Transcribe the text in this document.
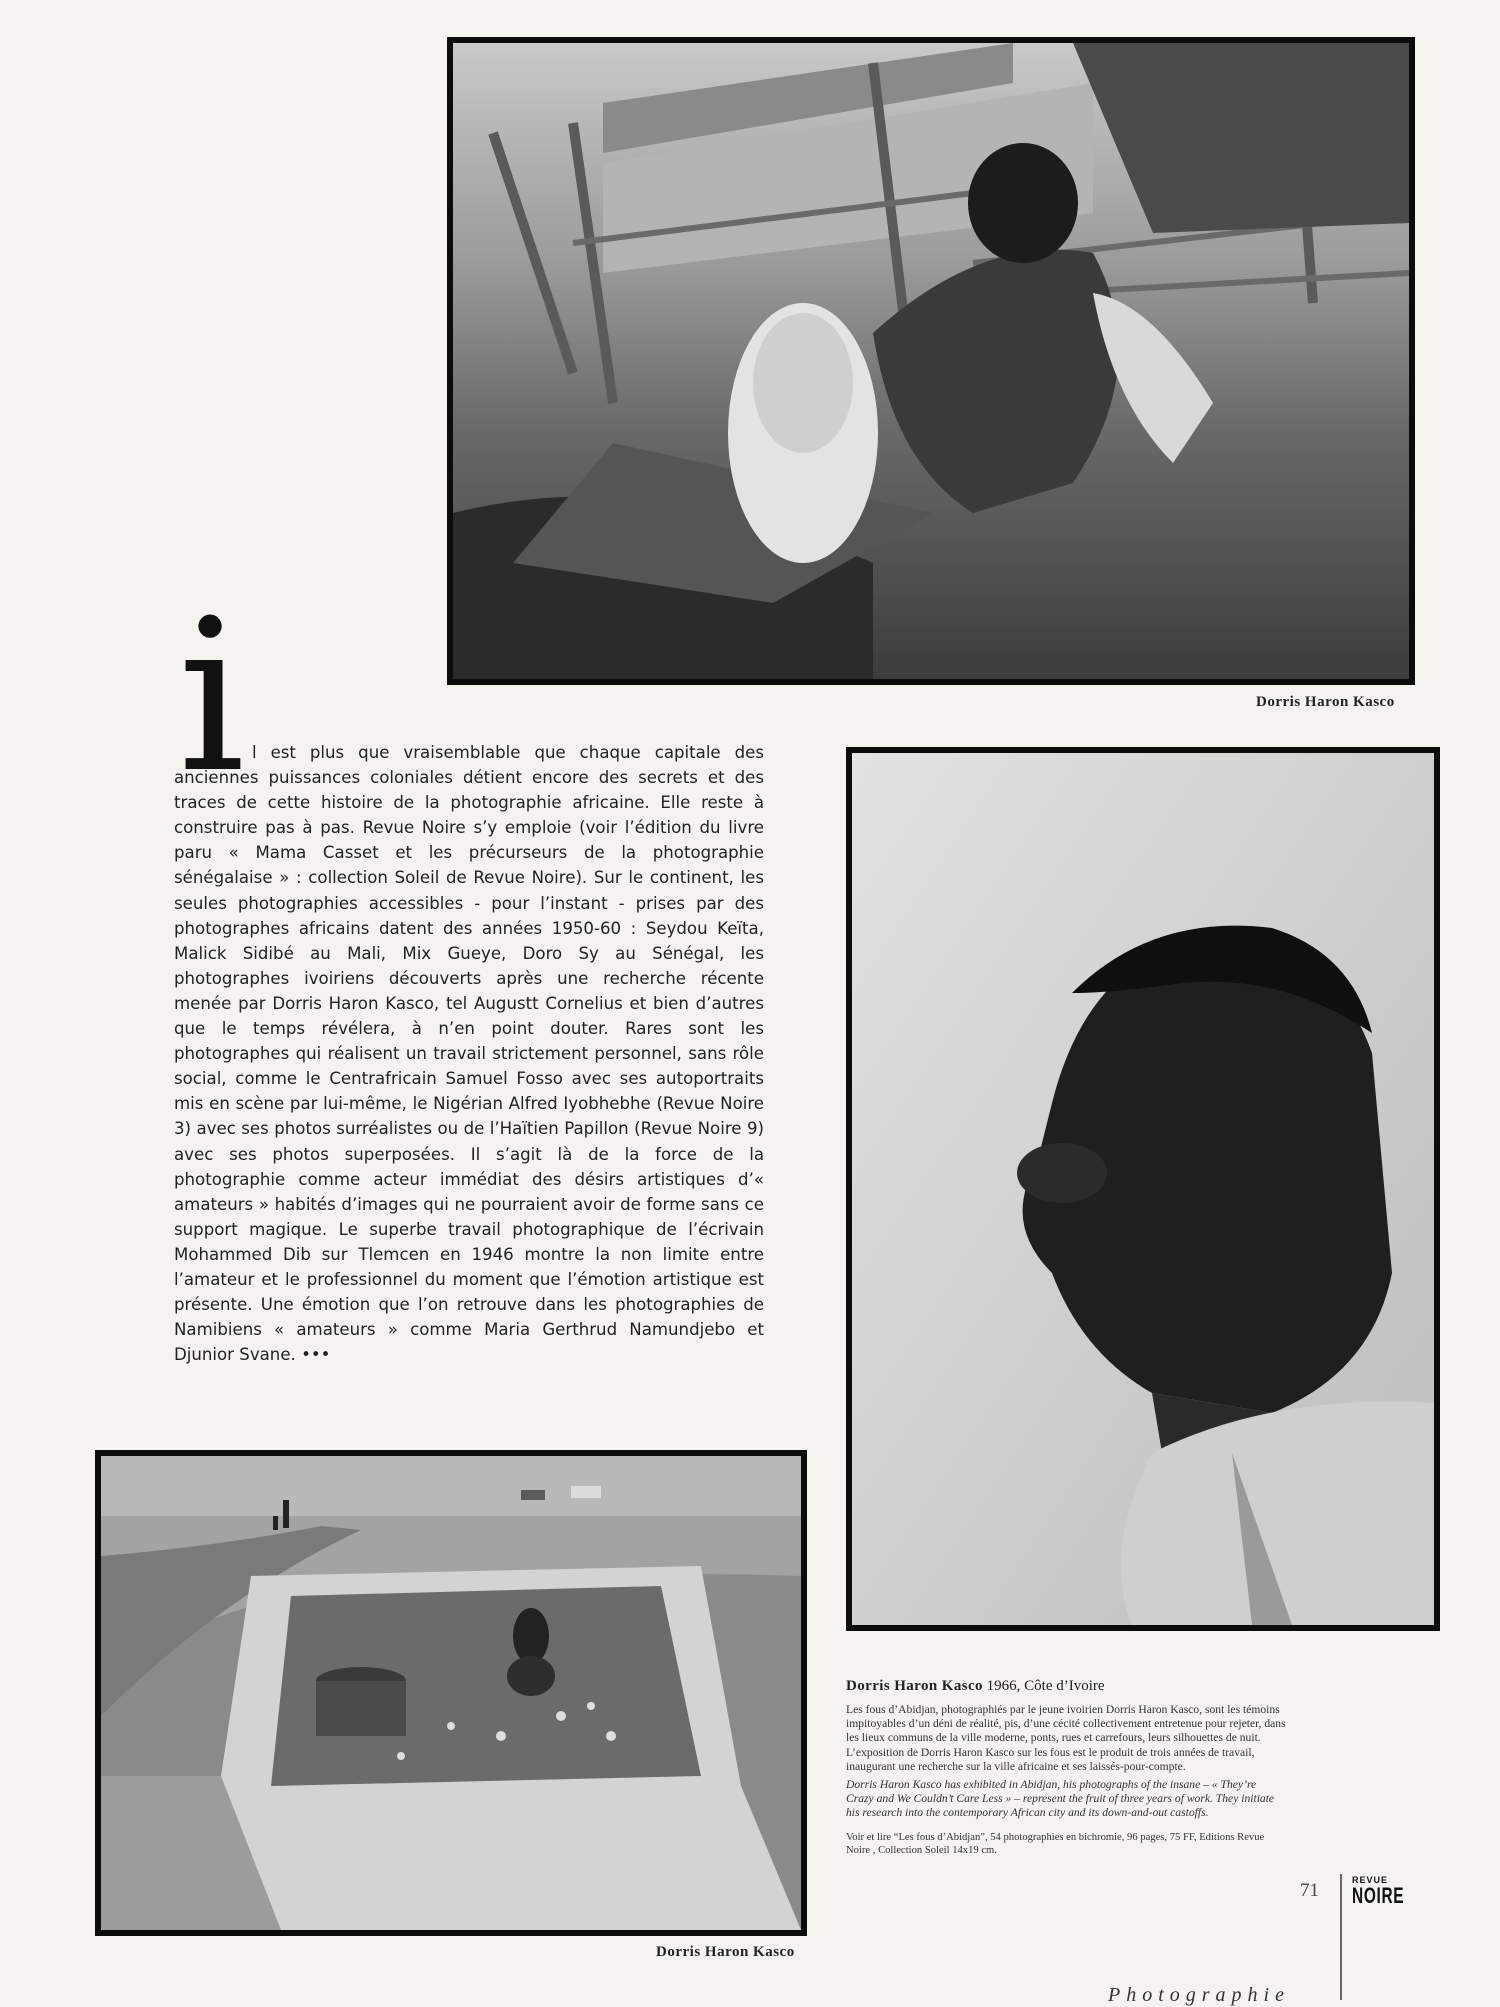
Dorris Haron Kasco
i l est plus que vraisemblable que chaque capitale des anciennes puissances coloniales détient encore des secrets et des traces de cette histoire de la photographie africaine. Elle reste à construire pas à pas. Revue Noire s’y emploie (voir l’édition du livre paru « Mama Casset et les précurseurs de la photographie sénégalaise » : collection Soleil de Revue Noire). Sur le continent, les seules photographies accessibles - pour l’instant - prises par des photographes africains datent des années 1950-60 : Seydou Keïta, Malick Sidibé au Mali, Mix Gueye, Doro Sy au Sénégal, les photographes ivoiriens découverts après une recherche récente menée par Dorris Haron Kasco, tel Augustt Cornelius et bien d’autres que le temps révélera, à n’en point douter. Rares sont les photographes qui réalisent un travail strictement personnel, sans rôle social, comme le Centrafricain Samuel Fosso avec ses autoportraits mis en scène par lui-même, le Nigérian Alfred Iyobhebhe (Revue Noire 3) avec ses photos surréalistes ou de l’Haïtien Papillon (Revue Noire 9) avec ses photos superposées. Il s’agit là de la force de la photographie comme acteur immédiat des désirs artistiques d’« amateurs » habités d’images qui ne pourraient avoir de forme sans ce support magique. Le superbe travail photographique de l’écrivain Mohammed Dib sur Tlemcen en 1946 montre la non limite entre l’amateur et le professionnel du moment que l’émotion artistique est présente. Une émotion que l’on retrouve dans les photographies de Namibiens « amateurs » comme Maria Gerthrud Namundjebo et Djunior Svane. •••
Dorris Haron Kasco
Dorris Haron Kasco 1966, Côte d’Ivoire
Les fous d’Abidjan, photographiés par le jeune ivoirien Dorris Haron Kasco, sont les témoins impitoyables d’un déni de réalité, pis, d’une cécité collectivement entretenue pour rejeter, dans les lieux communs de la ville moderne, ponts, rues et carrefours, leurs silhouettes de nuit. L’exposition de Dorris Haron Kasco sur les fous est le produit de trois années de travail, inaugurant une recherche sur la ville africaine et ses laissés-pour-compte.
Dorris Haron Kasco has exhibited in Abidjan, his photographs of the insane – « They’re Crazy and We Couldn’t Care Less » – represent the fruit of three years of work. They initiate his research into the contemporary African city and its down-and-out castoffs.
Voir et lire “Les fous d’Abidjan”, 54 photographies en bichromie, 96 pages, 75 FF, Editions Revue Noire , Collection Soleil 14x19 cm.
71	REVUE
NOIRE
Photographie
